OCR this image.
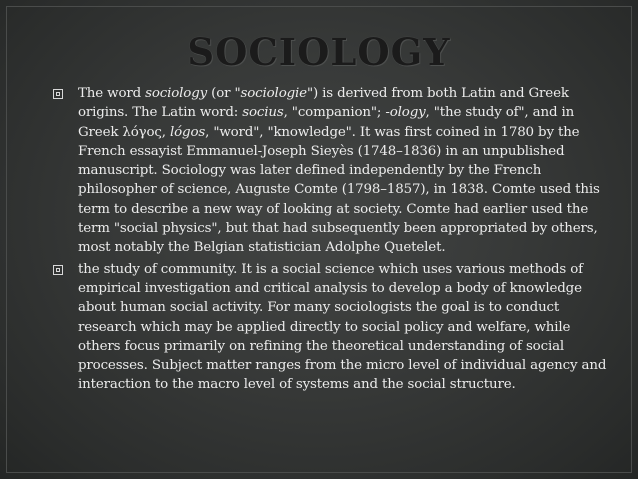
SOCIOLOGY
The word sociology (or "sociologie") is derived from both Latin and Greek origins. The Latin word: socius, "companion"; -ology, "the study of", and in Greek λόγος, lógos, "word", "knowledge". It was first coined in 1780 by the French essayist Emmanuel-Joseph Sieyès (1748–1836) in an unpublished manuscript. Sociology was later defined independently by the French philosopher of science, Auguste Comte (1798–1857), in 1838. Comte used this term to describe a new way of looking at society. Comte had earlier used the term "social physics", but that had subsequently been appropriated by others, most notably the Belgian statistician Adolphe Quetelet.
the study of community. It is a social science which uses various methods of empirical investigation and critical analysis to develop a body of knowledge about human social activity. For many sociologists the goal is to conduct research which may be applied directly to social policy and welfare, while others focus primarily on refining the theoretical understanding of social processes. Subject matter ranges from the micro level of individual agency and interaction to the macro level of systems and the social structure.
